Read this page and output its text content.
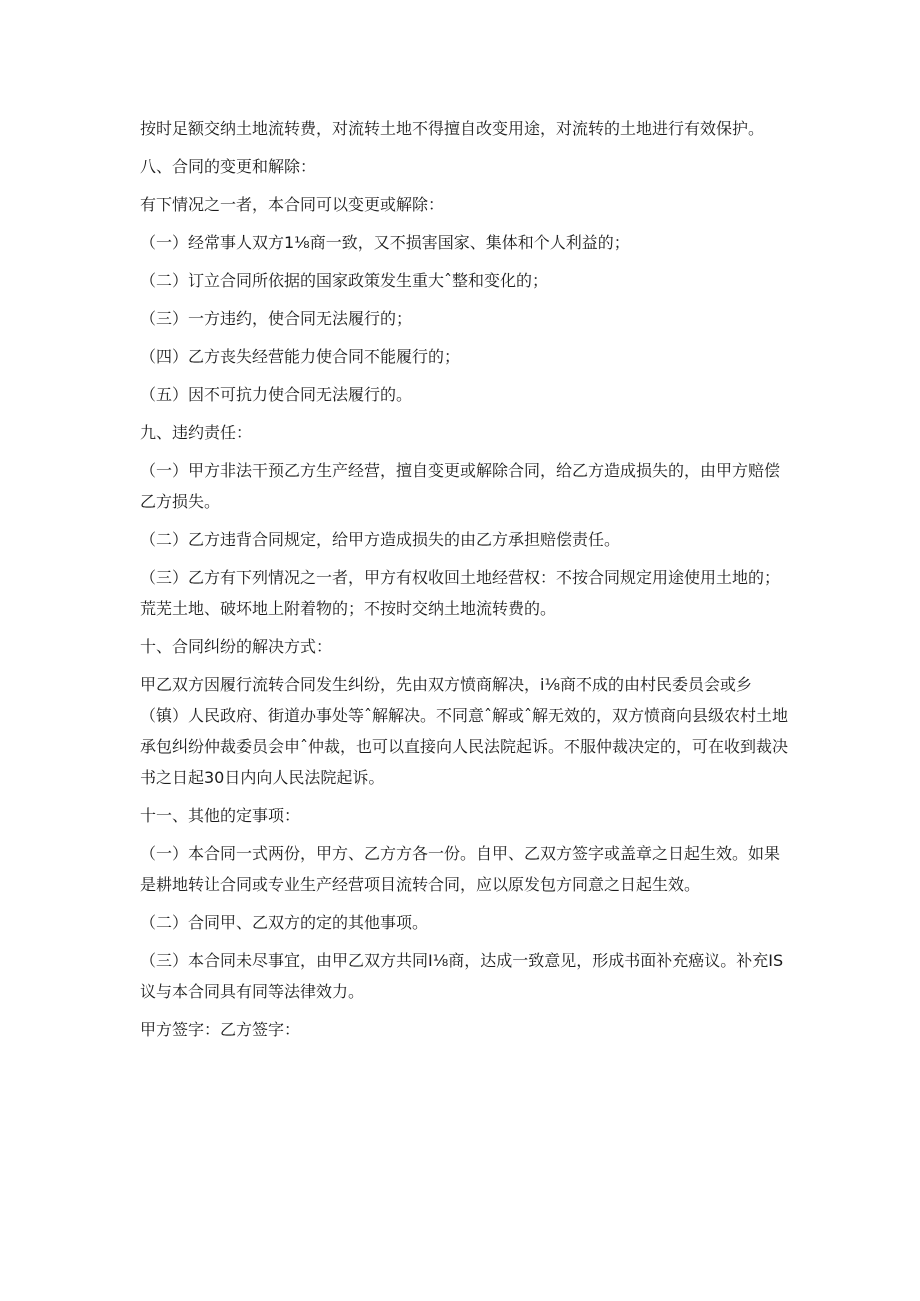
按时足额交纳土地流转费，对流转土地不得擅自改变用途，对流转的土地进行有效保护。

八、合同的变更和解除：

有下情况之一者，本合同可以变更或解除：

（一）经常事人双方1⅛商一致，又不损害国家、集体和个人利益的；

（二）订立合同所依据的国家政策发生重大ˆ整和变化的；

（三）一方违约，使合同无法履行的；

（四）乙方丧失经营能力使合同不能履行的；

（五）因不可抗力使合同无法履行的。

九、违约责任：

（一）甲方非法干预乙方生产经营，擅自变更或解除合同，给乙方造成损失的，由甲方赔偿乙方损失。

（二）乙方违背合同规定，给甲方造成损失的由乙方承担赔偿责任。

（三）乙方有下列情况之一者，甲方有权收回土地经营权：不按合同规定用途使用土地的；荒芜土地、破坏地上附着物的；不按时交纳土地流转费的。

十、合同纠纷的解决方式：

甲乙双方因履行流转合同发生纠纷，先由双方愤商解决，i⅛商不成的由村民委员会或乡（镇）人民政府、街道办事处等ˆ解解决。不同意ˆ解或ˆ解无效的，双方愤商向县级农村土地承包纠纷仲裁委员会申ˆ仲裁，也可以直接向人民法院起诉。不服仲裁决定的，可在收到裁决书之日起30日内向人民法院起诉。

十一、其他的定事项：

（一）本合同一式两份，甲方、乙方方各一份。自甲、乙双方签字或盖章之日起生效。如果是耕地转让合同或专业生产经营项目流转合同，应以原发包方同意之日起生效。

（二）合同甲、乙双方的定的其他事项。

（三）本合同未尽事宜，由甲乙双方共同I⅛商，达成一致意见，形成书面补充癌议。补充IS议与本合同具有同等法律效力。

甲方签字：乙方签字：
